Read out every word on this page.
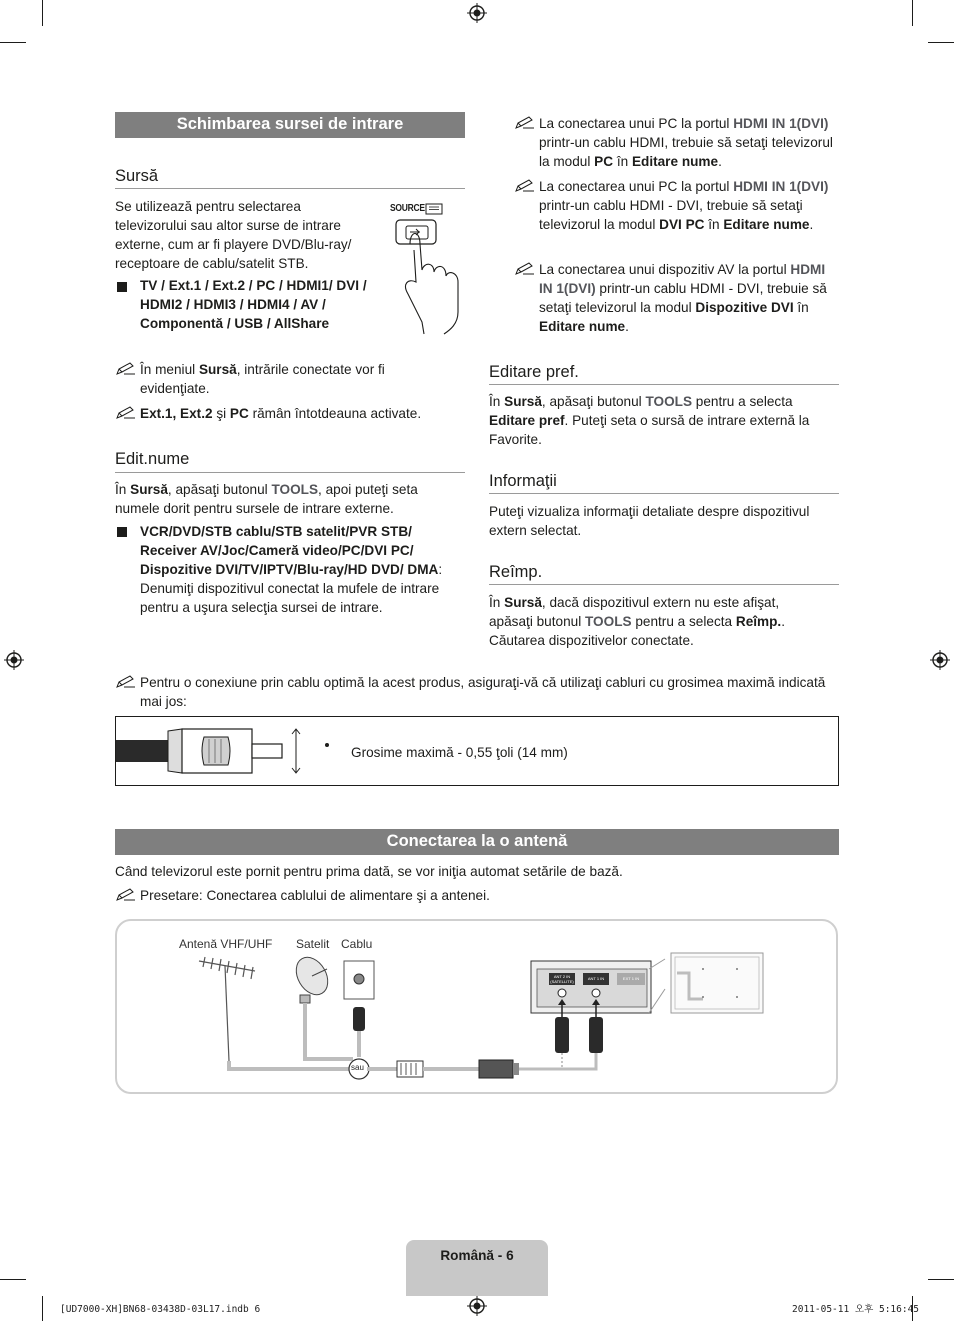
Schimbarea sursei de intrare
Sursă
Se utilizează pentru selectarea televizorului sau altor surse de intrare externe, cum ar fi playere DVD/Blu-ray/ receptoare de cablu/satelit STB.
SOURCE
TV / Ext.1 / Ext.2 / PC / HDMI1/ DVI / HDMI2 / HDMI3 / HDMI4 / AV / Componentă / USB / AllShare
În meniul Sursă, intrările conectate vor fi evidenţiate.
Ext.1, Ext.2 şi PC rămân întotdeauna activate.
Edit.nume
În Sursă, apăsaţi butonul TOOLS, apoi puteţi seta numele dorit pentru sursele de intrare externe.
VCR/DVD/STB cablu/STB satelit/PVR STB/ Receiver AV/Joc/Cameră video/PC/DVI PC/ Dispozitive DVI/TV/IPTV/Blu-ray/HD DVD/ DMA: Denumiţi dispozitivul conectat la mufele de intrare pentru a uşura selecţia sursei de intrare.
La conectarea unui PC la portul HDMI IN 1(DVI) printr-un cablu HDMI, trebuie să setaţi televizorul la modul PC în Editare nume.
La conectarea unui PC la portul HDMI IN 1(DVI) printr-un cablu HDMI - DVI, trebuie să setaţi televizorul la modul DVI PC în Editare nume.
La conectarea unui dispozitiv AV la portul HDMI IN 1(DVI) printr-un cablu HDMI - DVI, trebuie să setaţi televizorul la modul Dispozitive DVI în Editare nume.
Editare pref.
În Sursă, apăsaţi butonul TOOLS pentru a selecta Editare pref. Puteţi seta o sursă de intrare externă la Favorite.
Informaţii
Puteţi vizualiza informaţii detaliate despre dispozitivul extern selectat.
Reîmp.
În Sursă, dacă dispozitivul extern nu este afişat, apăsaţi butonul TOOLS pentru a selecta Reîmp.. Căutarea dispozitivelor conectate.
Pentru o conexiune prin cablu optimă la acest produs, asiguraţi-vă că utilizaţi cabluri cu grosimea maximă indicată mai jos:
Grosime maximă - 0,55 ţoli (14 mm)
Conectarea la o antenă
Când televizorul este pornit pentru prima dată, se vor iniţia automat setările de bază.
Presetare: Conectarea cablului de alimentare şi a antenei.
Antenă VHF/UHF Satelit Cablu
sau
ANT 2 IN (SATELLITE)
ANT 1 IN	EXT 1 IN
Română - 6
[UD7000-XH]BN68-03438D-03L17.indb 6	2011-05-11 오후 5:16:45
